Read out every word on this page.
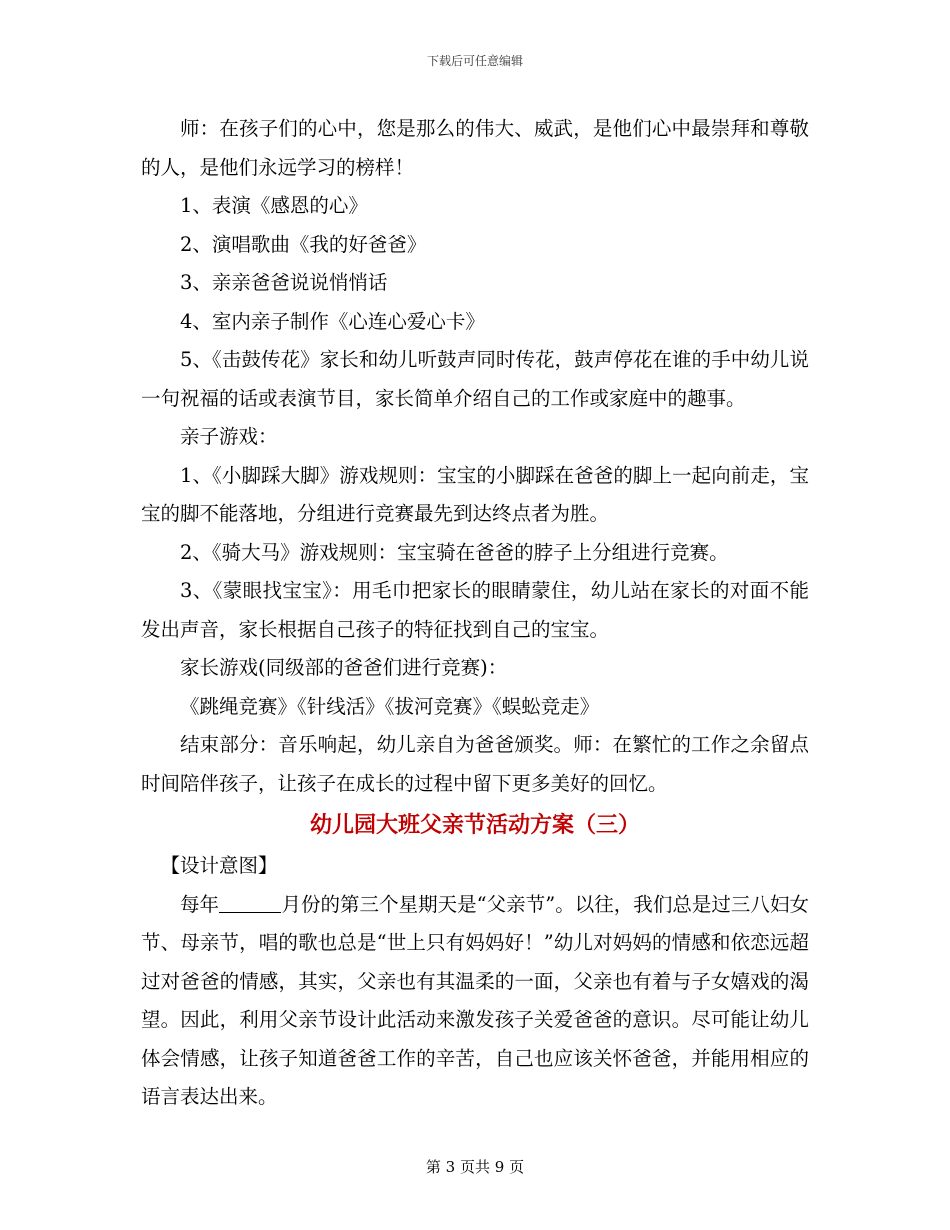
下载后可任意编辑

师：在孩子们的心中，您是那么的伟大、威武，是他们心中最崇拜和尊敬的人，是他们永远学习的榜样！

1、表演《感恩的心》

2、演唱歌曲《我的好爸爸》

3、亲亲爸爸说说悄悄话

4、室内亲子制作《心连心爱心卡》

5、《击鼓传花》家长和幼儿听鼓声同时传花，鼓声停花在谁的手中幼儿说一句祝福的话或表演节目，家长简单介绍自己的工作或家庭中的趣事。

亲子游戏：

1、《小脚踩大脚》游戏规则：宝宝的小脚踩在爸爸的脚上一起向前走，宝宝的脚不能落地，分组进行竞赛最先到达终点者为胜。

2、《骑大马》游戏规则：宝宝骑在爸爸的脖子上分组进行竞赛。

3、《蒙眼找宝宝》：用毛巾把家长的眼睛蒙住，幼儿站在家长的对面不能发出声音，家长根据自己孩子的特征找到自己的宝宝。

家长游戏(同级部的爸爸们进行竞赛)：

《跳绳竞赛》《针线活》《拔河竞赛》《蜈蚣竞走》

结束部分：音乐响起，幼儿亲自为爸爸颁奖。师：在繁忙的工作之余留点时间陪伴孩子，让孩子在成长的过程中留下更多美好的回忆。

幼儿园大班父亲节活动方案（三）

【设计意图】

每年	月份的第三个星期天是“父亲节”。以往，我们总是过三八妇女节、母亲节，唱的歌也总是“世上只有妈妈好！”幼儿对妈妈的情感和依恋远超过对爸爸的情感，其实，父亲也有其温柔的一面，父亲也有着与子女嬉戏的渴望。因此，利用父亲节设计此活动来激发孩子关爱爸爸的意识。尽可能让幼儿体会情感，让孩子知道爸爸工作的辛苦，自己也应该关怀爸爸，并能用相应的语言表达出来。

第 3 页共 9 页
